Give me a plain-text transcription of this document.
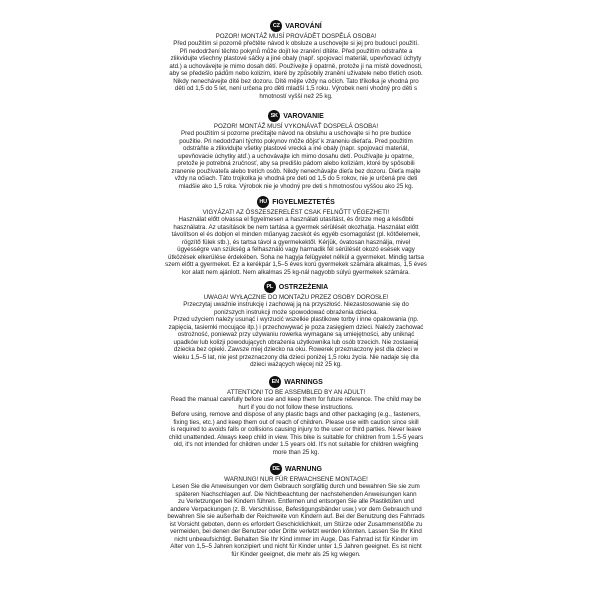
CZ VAROVÁNÍ

POZOR! MONTÁŽ MUSÍ PROVÁDĚT DOSPĚLÁ OSOBA!

Před použitím si pozorně přečtěte návod k obsluze a uschovejte si jej pro budoucí použití.

Při nedodržení těchto pokynů může dojít ke zranění dítěte. Před použitím odstraňte a

zlikvidujte všechny plastové sáčky a jiné obaly (např. spojovací materiál, upevňovací úchyty

atd.) a uchovávejte je mimo dosah dětí. Používejte ji opatrně, protože ji na místě dovednosti,

aby se předešlo pádům nebo kolizím, které by způsobily zranění uživatele nebo třetích osob.

Nikdy nenechávejte dítě bez dozoru. Dítě mějte vždy na očích. Tato tříkolka je vhodná pro

děti od 1,5 do 5 let, není určena pro děti mladší 1,5 roku. Výrobek není vhodný pro děti s

hmotností vyšší než 25 kg.

SK VAROVANIE

POZOR! MONTÁŽ MUSÍ VYKONÁVAŤ DOSPELÁ OSOBA!

Pred použitím si pozorne prečítajte návod na obsluhu a uschovajte si ho pre budúce

použitie. Pri nedodržaní týchto pokynov môže dôjsť k zraneniu dieťaťa. Pred použitím

odstráňte a zlikvidujte všetky plastové vrecká a iné obaly (napr. spojovací materiál,

upevňovacie úchytky atď.) a uchovávajte ich mimo dosahu detí. Používajte ju opatrne,

pretože je potrebná zručnosť, aby sa predišlo pádom alebo kolíziám, ktoré by spôsobili

zranenie používateľa alebo tretích osôb. Nikdy nenechávajte dieťa bez dozoru. Dieťa majte

vždy na očiach. Táto trojkolka je vhodná pre deti od 1,5 do 5 rokov, nie je určená pre deti

mladšie ako 1,5 roka. Výrobok nie je vhodný pre deti s hmotnosťou vyššou ako 25 kg.

HU FIGYELMEZTETÉS

VIGYÁZAT! AZ ÖSSZESZERELÉST CSAK FELNŐTT VÉGEZHETI!

Használat előtt olvassa el figyelmesen a használati utasítást, és őrizze meg a későbbi

használatra. Az utasítások be nem tartása a gyermek sérülését okozhatja. Használat előtt

távolítson el és dobjon el minden műanyag zacskót és egyéb csomagolást (pl. kötőelemek,

rögzítő fülek stb.), és tartsa távol a gyermekektől. Kérjük, óvatosan használja, mivel

ügyességre van szükség a felhasználó vagy harmadik fél sérülését okozó esések vagy

ütközések elkerülése érdekében. Soha ne hagyja felügyelet nélkül a gyermeket. Mindig tartsa

szem előtt a gyermeket. Ez a kerékpár 1,5–5 éves korú gyermekek számára alkalmas, 1,5 éves

kor alatt nem ajánlott. Nem alkalmas 25 kg-nál nagyobb súlyú gyermekek számára.

PL OSTRZEŻENIA

UWAGA! WYŁĄCZNIE DO MONTAŻU PRZEZ OSOBY DOROSŁE!

Przeczytaj uważnie instrukcję i zachowaj ją na przyszłość. Niezastosowanie się do

poniższych instrukcji może spowodować obrażenia dziecka.

Przed użyciem należy usunąć i wyrzucić wszelkie plastikowe torby i inne opakowania (np.

zapięcia, tasiemki mocujące itp.) i przechowywać je poza zasięgiem dzieci. Należy zachować

ostrożność, ponieważ przy używaniu rowerka wymagane są umiejętności, aby uniknąć

upadków lub kolizji powodujących obrażenia użytkownika lub osób trzecich. Nie zostawiaj

dziecka bez opieki. Zawsze miej dziecko na oku. Rowerek przeznaczony jest dla dzieci w

wieku 1,5–5 lat, nie jest przeznaczony dla dzieci poniżej 1,5 roku życia. Nie nadaje się dla

dzieci ważących więcej niż 25 kg.

EN WARNINGS

ATTENTION! TO BE ASSEMBLED BY AN ADULT!

Read the manual carefully before use and keep them for future reference. The child may be

hurt if you do not follow these instructions.

Before using, remove and dispose of any plastic bags and other packaging (e.g., fasteners,

fixing ties, etc.) and keep them out of reach of children. Please use with caution since skill

is required to avoids falls or collisions causing injury to the user or third parties. Never leave

child unattended. Always keep child in view. This bike is suitable for children from 1.5-5 years

old, it's not intended for children under 1.5 years old. It's not suitable for children weighing

more than 25 kg.

DE WARNUNG

WARNUNG! NUR FÜR ERWACHSENE MONTAGE!

Lesen Sie die Anweisungen vor dem Gebrauch sorgfältig durch und bewahren Sie sie zum

späteren Nachschlagen auf. Die Nichtbeachtung der nachstehenden Anweisungen kann

zu Verletzungen bei Kindern führen. Entfernen und entsorgen Sie alle Plastiktüten und

andere Verpackungen (z. B. Verschlüsse, Befestigungsbänder usw.) vor dem Gebrauch und

bewahren Sie sie außerhalb der Reichweite von Kindern auf. Bei der Benutzung des Fahrrads

ist Vorsicht geboten, denn es erfordert Geschicklichkeit, um Stürze oder Zusammenstöße zu

vermeiden, bei denen der Benutzer oder Dritte verletzt werden könnten. Lassen Sie Ihr Kind

nicht unbeaufsichtigt. Behalten Sie Ihr Kind immer im Auge. Das Fahrrad ist für Kinder im

Alter von 1,5–5 Jahren konzipiert und nicht für Kinder unter 1,5 Jahren geeignet. Es ist nicht

für Kinder geeignet, die mehr als 25 kg wiegen.
